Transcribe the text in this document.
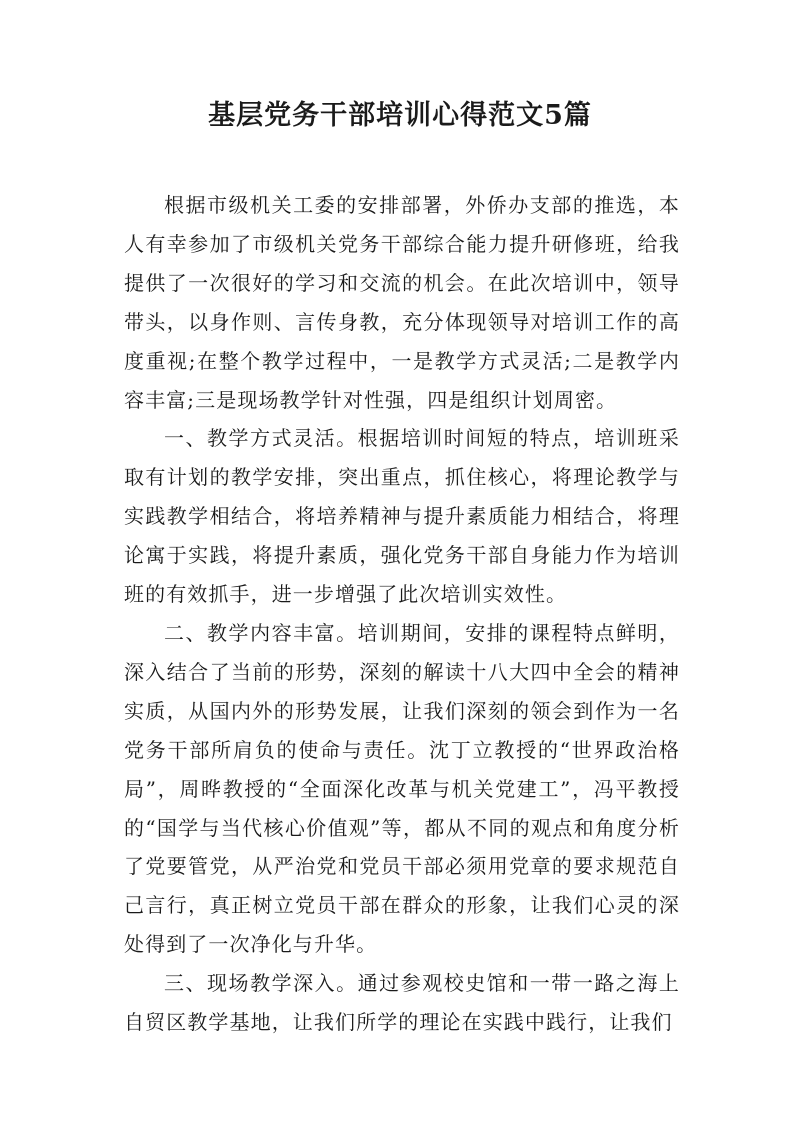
基层党务干部培训心得范文5篇

根据市级机关工委的安排部署，外侨办支部的推选，本人有幸参加了市级机关党务干部综合能力提升研修班，给我提供了一次很好的学习和交流的机会。在此次培训中，领导带头，以身作则、言传身教，充分体现领导对培训工作的高度重视;在整个教学过程中，一是教学方式灵活;二是教学内容丰富;三是现场教学针对性强，四是组织计划周密。

一、教学方式灵活。根据培训时间短的特点，培训班采取有计划的教学安排，突出重点，抓住核心，将理论教学与实践教学相结合，将培养精神与提升素质能力相结合，将理论寓于实践，将提升素质，强化党务干部自身能力作为培训班的有效抓手，进一步增强了此次培训实效性。

二、教学内容丰富。培训期间，安排的课程特点鲜明，深入结合了当前的形势，深刻的解读十八大四中全会的精神实质，从国内外的形势发展，让我们深刻的领会到作为一名党务干部所肩负的使命与责任。沈丁立教授的“世界政治格局”，周晔教授的“全面深化改革与机关党建工”，冯平教授的“国学与当代核心价值观”等，都从不同的观点和角度分析了党要管党，从严治党和党员干部必须用党章的要求规范自己言行，真正树立党员干部在群众的形象，让我们心灵的深处得到了一次净化与升华。

三、现场教学深入。通过参观校史馆和一带一路之海上自贸区教学基地，让我们所学的理论在实践中践行，让我们
